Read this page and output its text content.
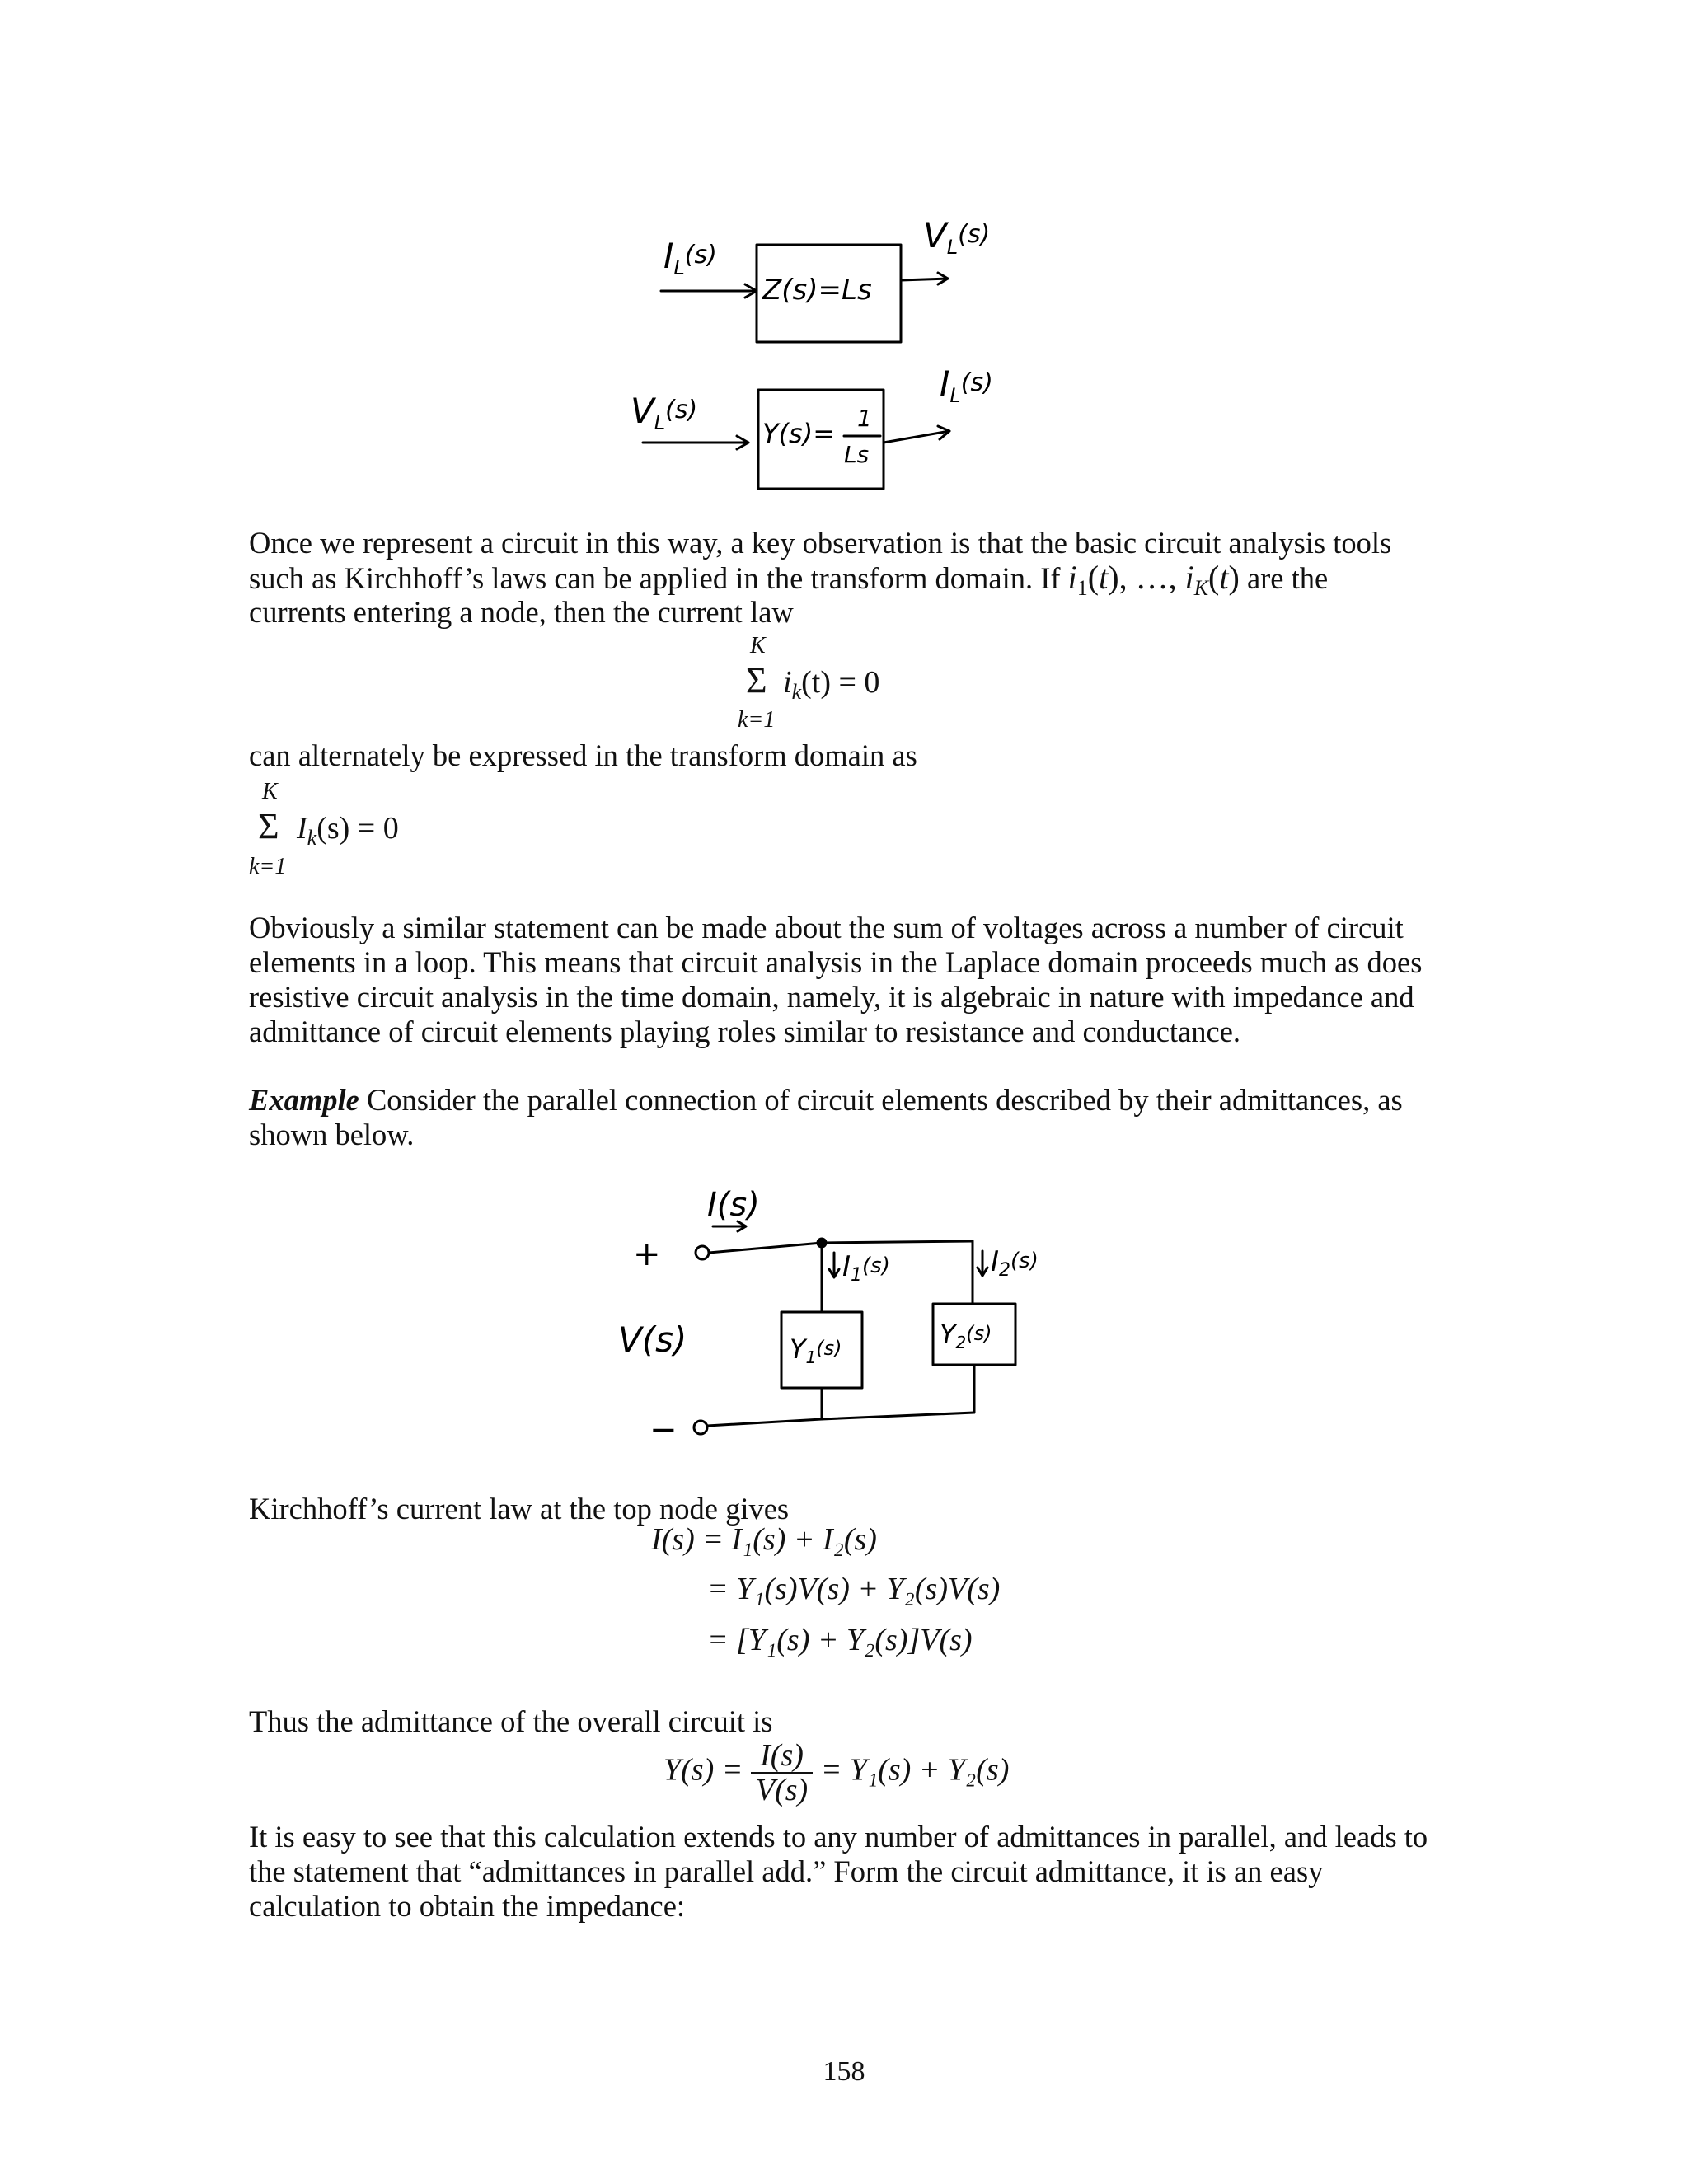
IL$^{(s)}$
Z(s)=Ls
VL$^{(s)}$
VL$^{(s)}$
Y(s)= 1
Ls
IL$^{(s)}$
Once we represent a circuit in this way, a key observation is that the basic circuit analysis tools
such as Kirchhoff’s laws can be applied in the transform domain. If $i_1(t)$, …, $i_K(t)$ are the
currents entering a node, then the current law
K
Σ $i_k(t) = 0$
k=1
can alternately be expressed in the transform domain as
K
Σ $I_k(s) = 0$
k=1

Obviously a similar statement can be made about the sum of voltages across a number of circuit elements in a loop. This means that circuit analysis in the Laplace domain proceeds much as does resistive circuit analysis in the time domain, namely, it is algebraic in nature with impedance and admittance of circuit elements playing roles similar to resistance and conductance.

Example Consider the parallel connection of circuit elements described by their admittances, as shown below.

I(s)
+	$I1^{(s)}$	I2$^{(s)}$
V(s)	Y1$^{(s)}$	$Y2^{(s)}$
−
Kirchhoff’s current law at the top node gives
I(s) = I₁(s) + I₂(s)
= Y₁(s)V(s) + Y₂(s)V(s)
= [Y₁(s) + Y₂(s)]V(s)
Thus the admittance of the overall circuit is
$Y(s) = \frac{I(s)}{V(s)} = Y_1(s) + Y_2(s)$

It is easy to see that this calculation extends to any number of admittances in parallel, and leads to the statement that “admittances in parallel add.” Form the circuit admittance, it is an easy calculation to obtain the impedance:

158
